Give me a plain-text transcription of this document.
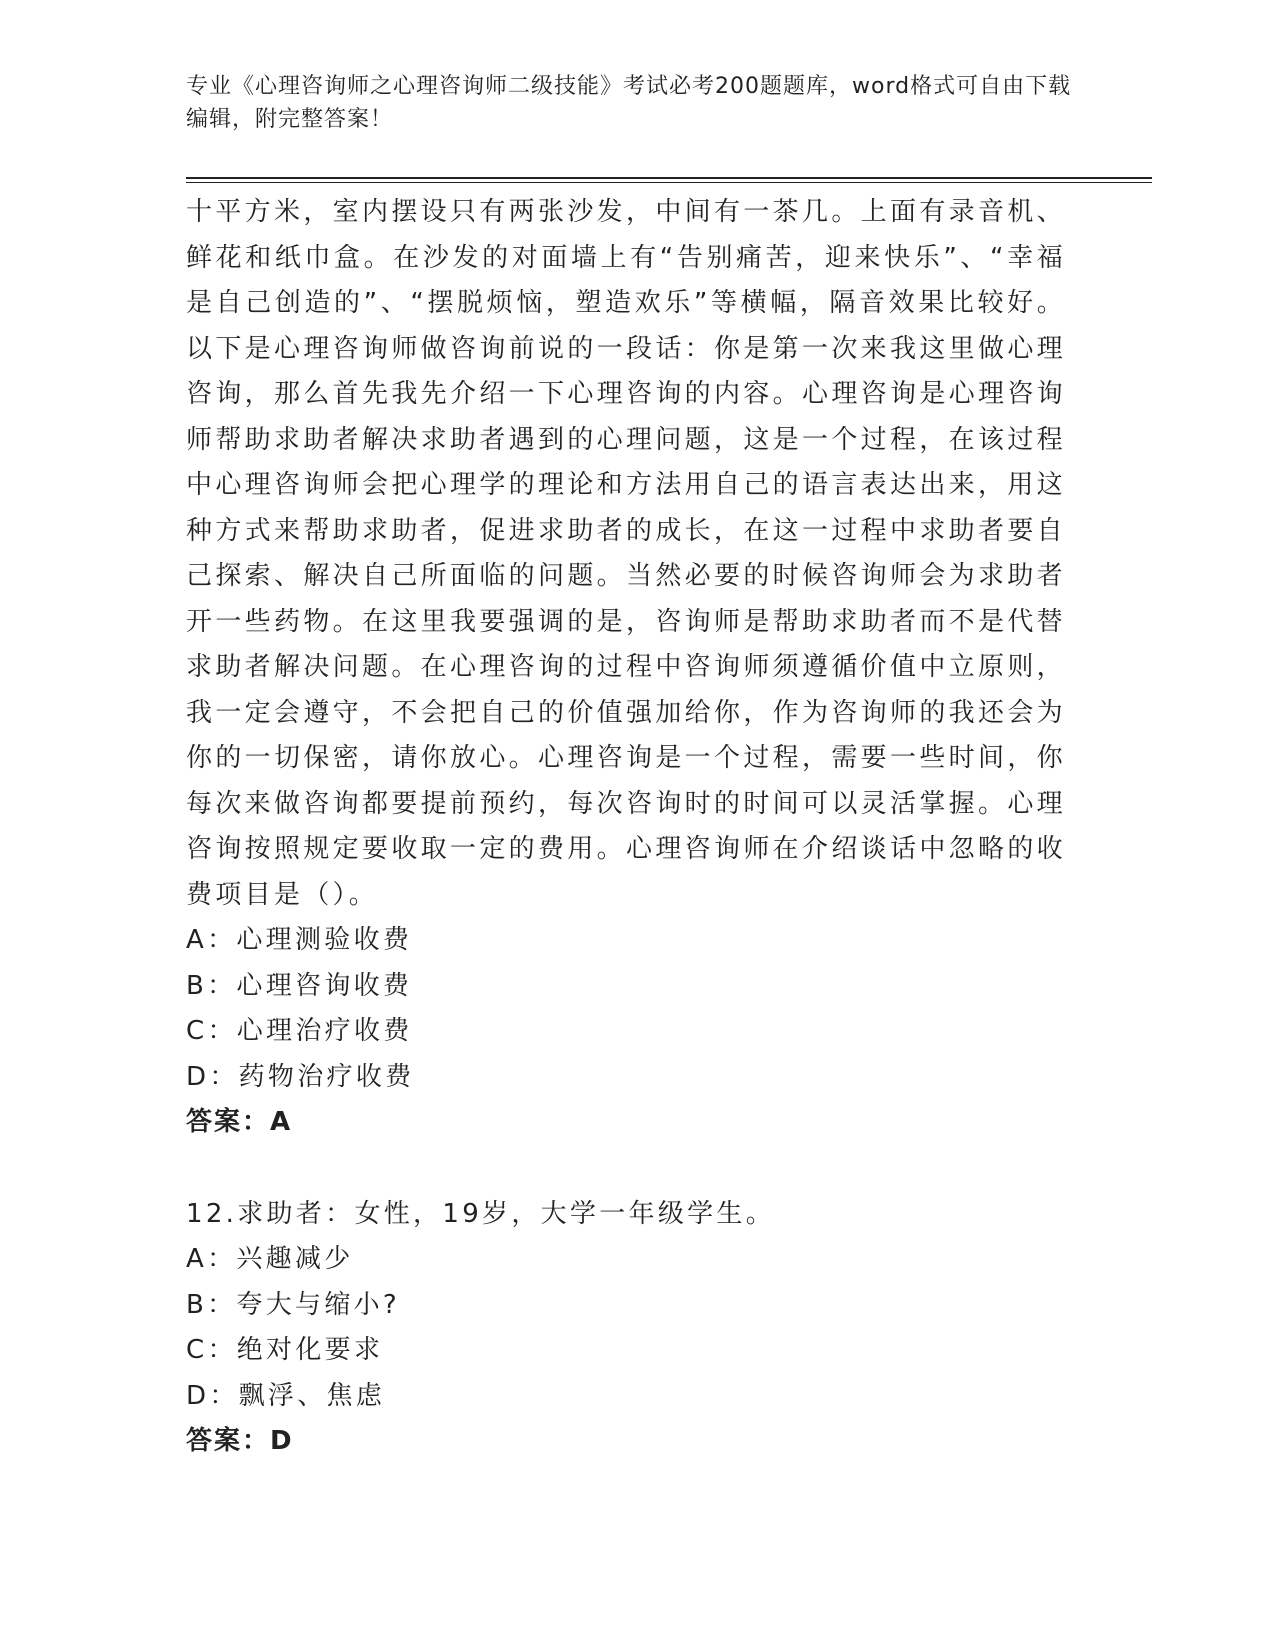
专业《心理咨询师之心理咨询师二级技能》考试必考200题题库，word格式可自由下载编辑，附完整答案！

十平方米，室内摆设只有两张沙发，中间有一茶几。上面有录音机、鲜花和纸巾盒。在沙发的对面墙上有“告别痛苦，迎来快乐”、“幸福是自己创造的”、“摆脱烦恼，塑造欢乐”等横幅，隔音效果比较好。以下是心理咨询师做咨询前说的一段话：你是第一次来我这里做心理咨询，那么首先我先介绍一下心理咨询的内容。心理咨询是心理咨询师帮助求助者解决求助者遇到的心理问题，这是一个过程，在该过程中心理咨询师会把心理学的理论和方法用自己的语言表达出来，用这种方式来帮助求助者，促进求助者的成长，在这一过程中求助者要自己探索、解决自己所面临的问题。当然必要的时候咨询师会为求助者开一些药物。在这里我要强调的是，咨询师是帮助求助者而不是代替求助者解决问题。在心理咨询的过程中咨询师须遵循价值中立原则，我一定会遵守，不会把自己的价值强加给你，作为咨询师的我还会为你的一切保密，请你放心。心理咨询是一个过程，需要一些时间，你每次来做咨询都要提前预约，每次咨询时的时间可以灵活掌握。心理咨询按照规定要收取一定的费用。心理咨询师在介绍谈话中忽略的收费项目是（）。

A：心理测验收费

B：心理咨询收费

C：心理治疗收费

D：药物治疗收费

答案：A

12.求助者：女性，19岁，大学一年级学生。

A：兴趣减少

B：夸大与缩小?

C：绝对化要求

D：飘浮、焦虑

答案：D
